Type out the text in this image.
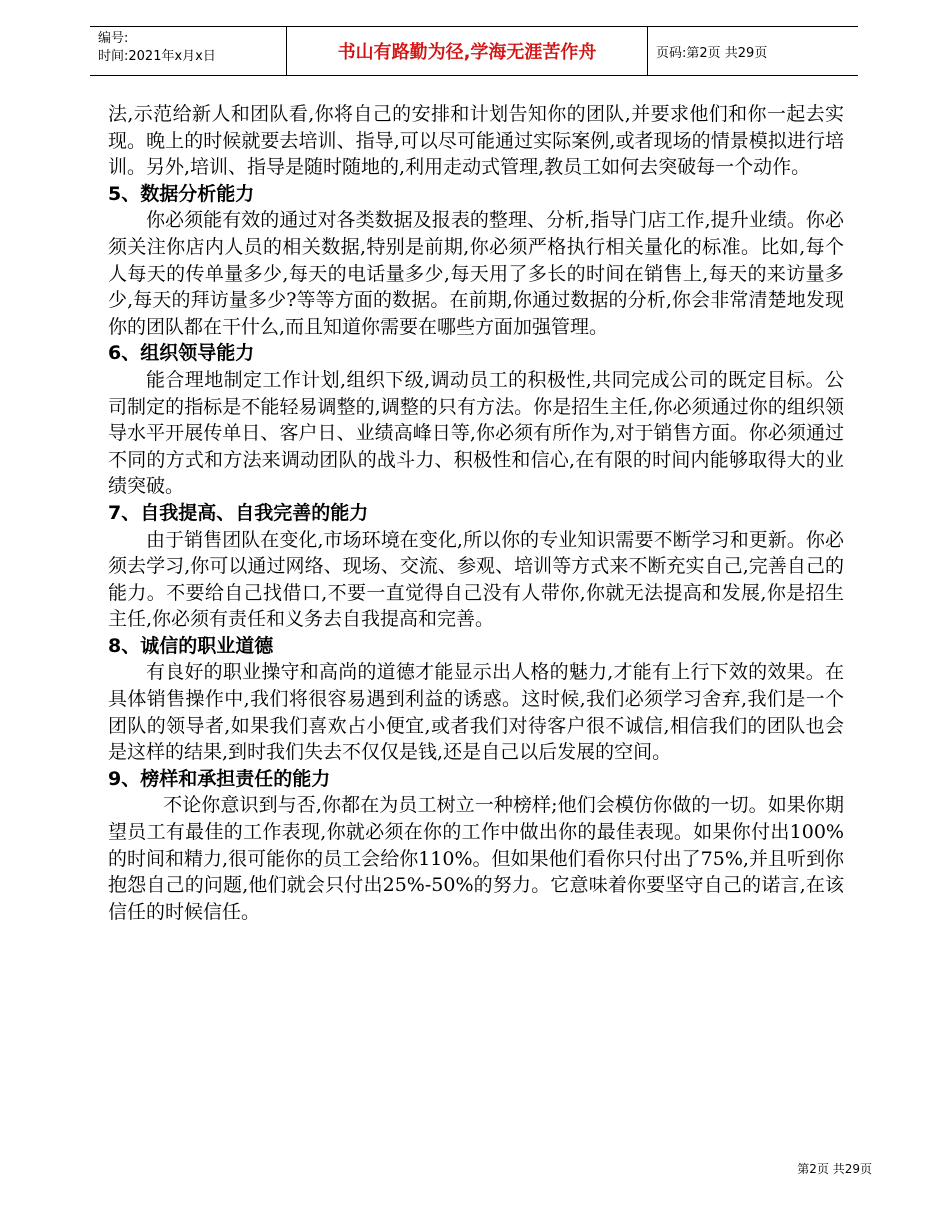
编号:
时间:2021年x月x日	书山有路勤为径,学海无涯苦作舟	页码:第2页 共29页

法,示范给新人和团队看,你将自己的安排和计划告知你的团队,并要求他们和你一起去实现。晚上的时候就要去培训、指导,可以尽可能通过实际案例,或者现场的情景模拟进行培训。另外,培训、指导是随时随地的,利用走动式管理,教员工如何去突破每一个动作。

5、数据分析能力

你必须能有效的通过对各类数据及报表的整理、分析,指导门店工作,提升业绩。你必须关注你店内人员的相关数据,特别是前期,你必须严格执行相关量化的标准。比如,每个人每天的传单量多少,每天的电话量多少,每天用了多长的时间在销售上,每天的来访量多少,每天的拜访量多少?等等方面的数据。在前期,你通过数据的分析,你会非常清楚地发现你的团队都在干什么,而且知道你需要在哪些方面加强管理。

6、组织领导能力

能合理地制定工作计划,组织下级,调动员工的积极性,共同完成公司的既定目标。公司制定的指标是不能轻易调整的,调整的只有方法。你是招生主任,你必须通过你的组织领导水平开展传单日、客户日、业绩高峰日等,你必须有所作为,对于销售方面。你必须通过不同的方式和方法来调动团队的战斗力、积极性和信心,在有限的时间内能够取得大的业绩突破。

7、自我提高、自我完善的能力

由于销售团队在变化,市场环境在变化,所以你的专业知识需要不断学习和更新。你必须去学习,你可以通过网络、现场、交流、参观、培训等方式来不断充实自己,完善自己的能力。不要给自己找借口,不要一直觉得自己没有人带你,你就无法提高和发展,你是招生主任,你必须有责任和义务去自我提高和完善。

8、诚信的职业道德

有良好的职业操守和高尚的道德才能显示出人格的魅力,才能有上行下效的效果。在具体销售操作中,我们将很容易遇到利益的诱惑。这时候,我们必须学习舍弃,我们是一个团队的领导者,如果我们喜欢占小便宜,或者我们对待客户很不诚信,相信我们的团队也会是这样的结果,到时我们失去不仅仅是钱,还是自己以后发展的空间。

9、榜样和承担责任的能力

不论你意识到与否,你都在为员工树立一种榜样;他们会模仿你做的一切。如果你期望员工有最佳的工作表现,你就必须在你的工作中做出你的最佳表现。如果你付出100%的时间和精力,很可能你的员工会给你110%。但如果他们看你只付出了75%,并且听到你抱怨自己的问题,他们就会只付出25%-50%的努力。它意味着你要坚守自己的诺言,在该信任的时候信任。

第2页 共29页
